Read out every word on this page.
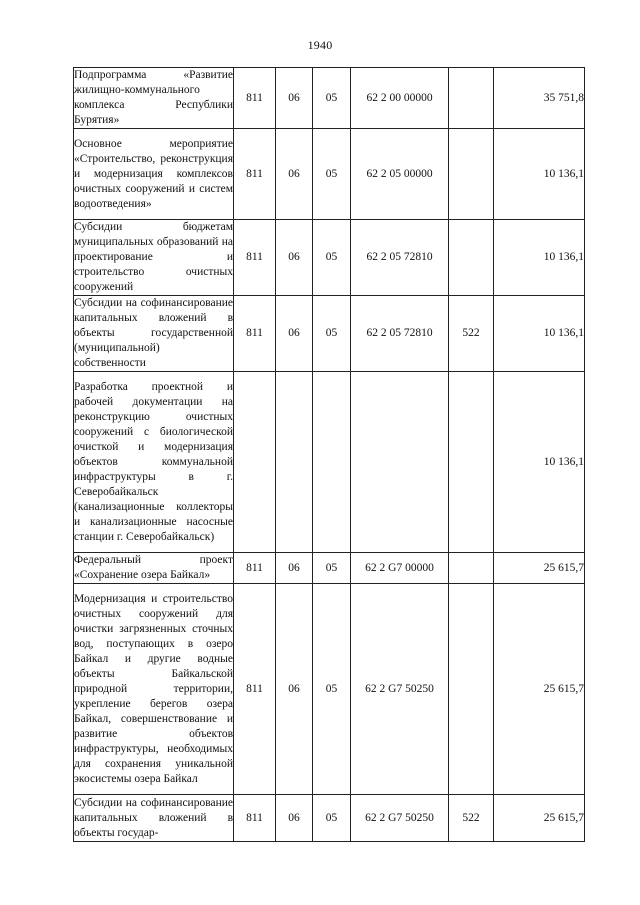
1940
Подпрограмма «Развитие жилищно-коммунального комплекса Республики Бурятия»	811	06	05	62 2 00 00000		35 751,8
Основное мероприятие «Строительство, реконструкция и модернизация комплексов очистных сооружений и систем водоотведения»	811	06	05	62 2 05 00000		10 136,1
Субсидии бюджетам муниципальных образований на проектирование и строительство очистных сооружений	811	06	05	62 2 05 72810		10 136,1
Субсидии на софинансирование капитальных вложений в объекты государственной (муниципальной) собственности	811	06	05	62 2 05 72810	522	10 136,1
Разработка проектной и рабочей документации на реконструкцию очистных сооружений с биологической очисткой и модернизация объектов коммунальной инфраструктуры в г. Северобайкальск (канализационные коллекторы и канализационные насосные станции г. Северобайкальск)						10 136,1
Федеральный проект «Сохранение озера Байкал»	811	06	05	62 2 G7 00000		25 615,7
Модернизация и строительство очистных сооружений для очистки загрязненных сточных вод, поступающих в озеро Байкал и другие водные объекты Байкальской природной территории, укрепление берегов озера Байкал, совершенствование и развитие объектов инфраструктуры, необходимых для сохранения уникальной экосистемы озера Байкал	811	06	05	62 2 G7 50250		25 615,7
Субсидии на софинансирование капитальных вложений в объекты государ-	811	06	05	62 2 G7 50250	522	25 615,7
